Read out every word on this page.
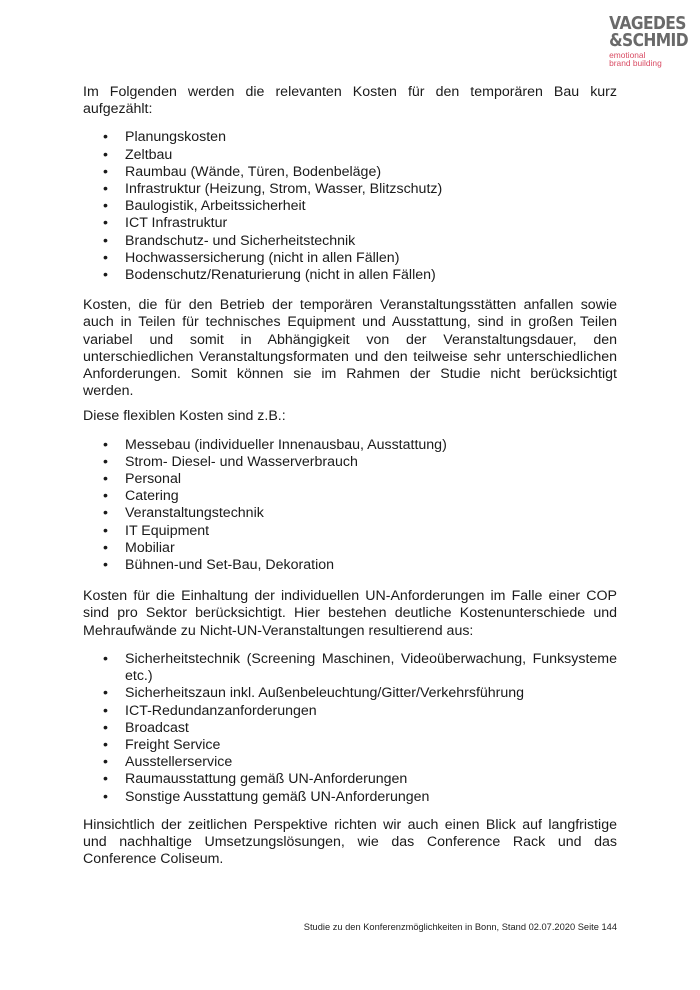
VAGEDES
&SCHMID
emotional
brand building

Im Folgenden werden die relevanten Kosten für den temporären Bau kurz aufgezählt:

• Planungskosten
• Zeltbau
• Raumbau (Wände, Türen, Bodenbeläge)
• Infrastruktur (Heizung, Strom, Wasser, Blitzschutz)
• Baulogistik, Arbeitssicherheit
• ICT Infrastruktur
• Brandschutz- und Sicherheitstechnik
• Hochwassersicherung (nicht in allen Fällen)
• Bodenschutz/Renaturierung (nicht in allen Fällen)

Kosten, die für den Betrieb der temporären Veranstaltungsstätten anfallen sowie auch in Teilen für technisches Equipment und Ausstattung, sind in großen Teilen variabel und somit in Abhängigkeit von der Veranstaltungsdauer, den unterschiedlichen Veranstaltungsformaten und den teilweise sehr unterschiedlichen Anforderungen. Somit können sie im Rahmen der Studie nicht berücksichtigt werden.

Diese flexiblen Kosten sind z.B.:

• Messebau (individueller Innenausbau, Ausstattung)
• Strom- Diesel- und Wasserverbrauch
• Personal
• Catering
• Veranstaltungstechnik
• IT Equipment
• Mobiliar
• Bühnen-und Set-Bau, Dekoration

Kosten für die Einhaltung der individuellen UN-Anforderungen im Falle einer COP sind pro Sektor berücksichtigt. Hier bestehen deutliche Kostenunterschiede und Mehraufwände zu Nicht-UN-Veranstaltungen resultierend aus:

• Sicherheitstechnik (Screening Maschinen, Videoüberwachung, Funksysteme etc.)
• Sicherheitszaun inkl. Außenbeleuchtung/Gitter/Verkehrsführung
• ICT-Redundanzanforderungen
• Broadcast
• Freight Service
• Ausstellerservice
• Raumausstattung gemäß UN-Anforderungen
• Sonstige Ausstattung gemäß UN-Anforderungen

Hinsichtlich der zeitlichen Perspektive richten wir auch einen Blick auf langfristige und nachhaltige Umsetzungslösungen, wie das Conference Rack und das Conference Coliseum.

Studie zu den Konferenzmöglichkeiten in Bonn, Stand 02.07.2020 Seite 144
